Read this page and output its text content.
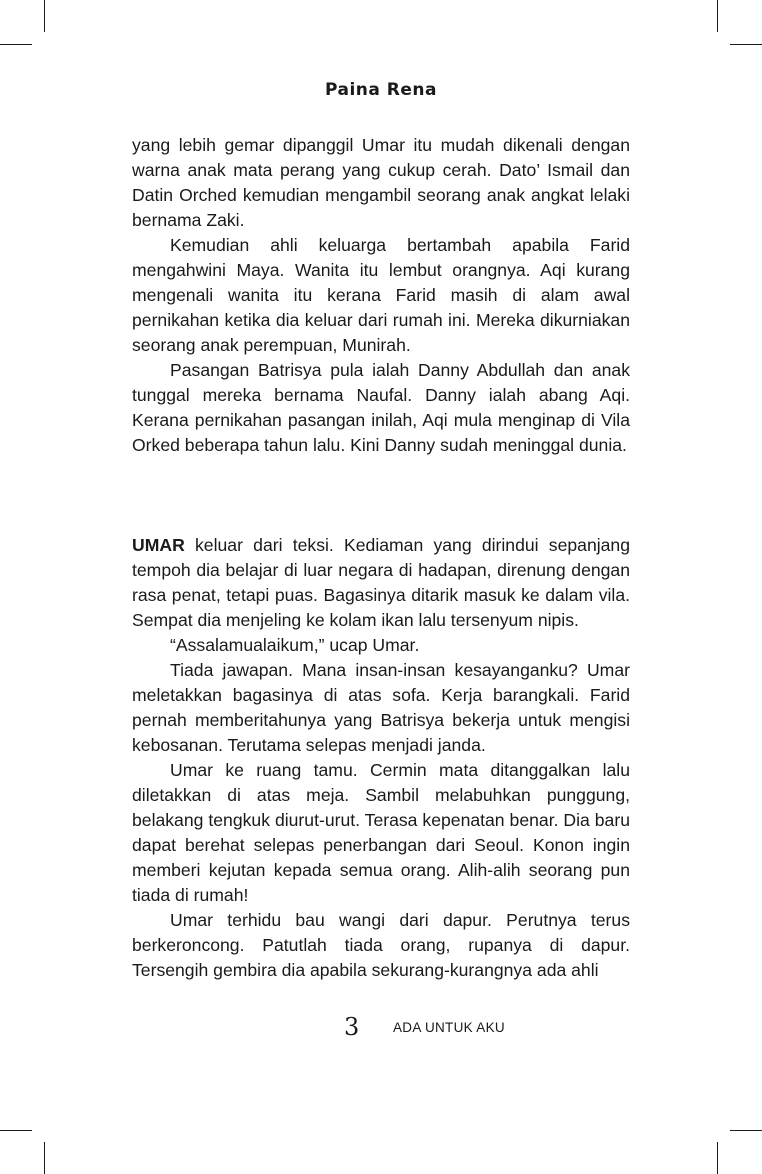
Paina Rena

yang lebih gemar dipanggil Umar itu mudah dikenali dengan warna anak mata perang yang cukup cerah. Dato’ Ismail dan Datin Orched kemudian mengambil seorang anak angkat lelaki bernama Zaki.

Kemudian ahli keluarga bertambah apabila Farid mengahwini Maya. Wanita itu lembut orangnya. Aqi kurang mengenali wanita itu kerana Farid masih di alam awal pernikahan ketika dia keluar dari rumah ini. Mereka dikurniakan seorang anak perempuan, Munirah.

Pasangan Batrisya pula ialah Danny Abdullah dan anak tunggal mereka bernama Naufal. Danny ialah abang Aqi. Kerana pernikahan pasangan inilah, Aqi mula menginap di Vila Orked beberapa tahun lalu. Kini Danny sudah meninggal dunia.

UMAR keluar dari teksi. Kediaman yang dirindui sepanjang tempoh dia belajar di luar negara di hadapan, direnung dengan rasa penat, tetapi puas. Bagasinya ditarik masuk ke dalam vila. Sempat dia menjeling ke kolam ikan lalu tersenyum nipis.

“Assalamualaikum,” ucap Umar.

Tiada jawapan. Mana insan-insan kesayanganku? Umar meletakkan bagasinya di atas sofa. Kerja barangkali. Farid pernah memberitahunya yang Batrisya bekerja untuk mengisi kebosanan. Terutama selepas menjadi janda.

Umar ke ruang tamu. Cermin mata ditanggalkan lalu diletakkan di atas meja. Sambil melabuhkan punggung, belakang tengkuk diurut-urut. Terasa kepenatan benar. Dia baru dapat berehat selepas penerbangan dari Seoul. Konon ingin memberi kejutan kepada semua orang. Alih-alih seorang pun tiada di rumah!

Umar terhidu bau wangi dari dapur. Perutnya terus berkeroncong. Patutlah tiada orang, rupanya di dapur. Tersengih gembira dia apabila sekurang-kurangnya ada ahli

3 ADA UNTUK AKU
